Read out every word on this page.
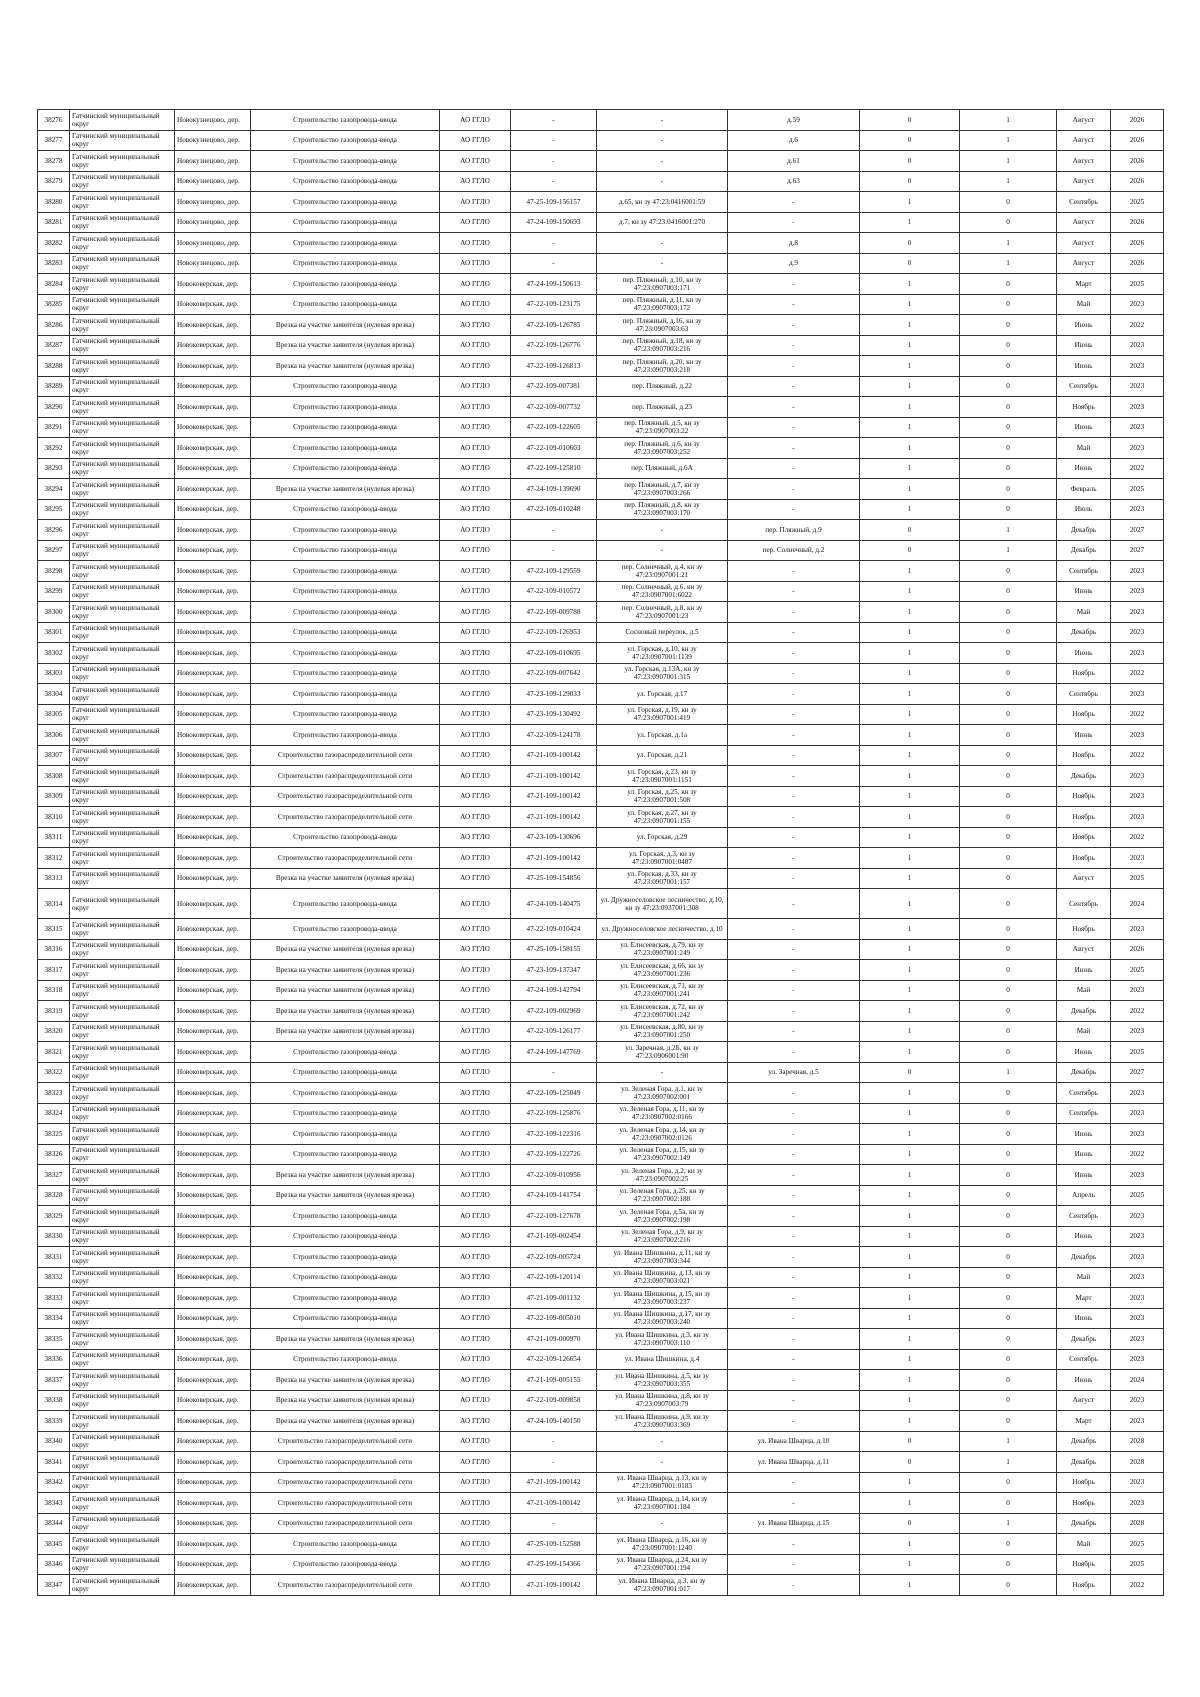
38276	Гатчинский муниципальный округ	Новокузнецово, дер.	Строительство газопровода-ввода	АО ГГЛО	-	-	д.59	0	1	Август	2026
38277	Гатчинский муниципальный округ	Новокузнецово, дер.	Строительство газопровода-ввода	АО ГГЛО	-	-	д.6	0	1	Август	2026
38278	Гатчинский муниципальный округ	Новокузнецово, дер.	Строительство газопровода-ввода	АО ГГЛО	-	-	д.61	0	1	Август	2026
38279	Гатчинский муниципальный округ	Новокузнецово, дер.	Строительство газопровода-ввода	АО ГГЛО	-	-	д.63	0	1	Август	2026
38280	Гатчинский муниципальный округ	Новокузнецово, дер.	Строительство газопровода-ввода	АО ГГЛО	47-25-109-156157	д.65, кн зу 47:23:0416001:59	-	1	0	Сентябрь	2025
38281	Гатчинский муниципальный округ	Новокузнецово, дер.	Строительство газопровода-ввода	АО ГГЛО	47-24-109-150693	д.7, кн зу 47:23:0416001:270	-	1	0	Август	2026
38282	Гатчинский муниципальный округ	Новокузнецово, дер.	Строительство газопровода-ввода	АО ГГЛО	-	-	д.8	0	1	Август	2026
38283	Гатчинский муниципальный округ	Новокузнецово, дер.	Строительство газопровода-ввода	АО ГГЛО	-	-	д.9	0	1	Август	2026
38284	Гатчинский муниципальный округ	Новоковерская, дер.	Строительство газопровода-ввода	АО ГГЛО	47-24-109-150613	пер. Пляжный, д.10, кн зу 47:23:0907003:171	-	1	0	Март	2025
38285	Гатчинский муниципальный округ	Новоковерская, дер.	Строительство газопровода-ввода	АО ГГЛО	47-22-109-123175	пер. Пляжный, д.11, кн зу 47:23:0907003:172	-	1	0	Май	2023
38286	Гатчинский муниципальный округ	Новоковерская, дер.	Врезка на участке заявителя (нулевая врезка)	АО ГГЛО	47-22-109-126785	пер. Пляжный, д.16, кн зу 47:23:0907003:63	-	1	0	Июнь	2022
38287	Гатчинский муниципальный округ	Новоковерская, дер.	Врезка на участке заявителя (нулевая врезка)	АО ГГЛО	47-22-109-126776	пер. Пляжный, д.18, кн зу 47:23:0907003:216	-	1	0	Июнь	2023
38288	Гатчинский муниципальный округ	Новоковерская, дер.	Врезка на участке заявителя (нулевая врезка)	АО ГГЛО	47-22-109-126813	пер. Пляжный, д.20, кн зу 47:23:0907003:218	-	1	0	Июнь	2023
38289	Гатчинский муниципальный округ	Новоковерская, дер.	Строительство газопровода-ввода	АО ГГЛО	47-22-109-007381	пер. Пляжный, д.22	-	1	0	Сентябрь	2023
38290	Гатчинский муниципальный округ	Новоковерская, дер.	Строительство газопровода-ввода	АО ГГЛО	47-22-109-007732	пер. Пляжный, д.23	-	1	0	Ноябрь	2023
38291	Гатчинский муниципальный округ	Новоковерская, дер.	Строительство газопровода-ввода	АО ГГЛО	47-22-109-122605	пер. Пляжный, д.5, кн зу 47:23:0907003:22	-	1	0	Июнь	2023
38292	Гатчинский муниципальный округ	Новоковерская, дер.	Строительство газопровода-ввода	АО ГГЛО	47-22-109-010603	пер. Пляжный, д.6, кн зу 47:23:0907003:252	-	1	0	Май	2023
38293	Гатчинский муниципальный округ	Новоковерская, дер.	Строительство газопровода-ввода	АО ГГЛО	47-22-109-125810	пер. Пляжный, д.6А	-	1	0	Июнь	2022
38294	Гатчинский муниципальный округ	Новоковерская, дер.	Врезка на участке заявителя (нулевая врезка)	АО ГГЛО	47-24-109-139690	пер. Пляжный, д.7, кн зу 47:23:0907003:266	-	1	0	Февраль	2025
38295	Гатчинский муниципальный округ	Новоковерская, дер.	Строительство газопровода-ввода	АО ГГЛО	47-22-109-010248	пер. Пляжный, д.8, кн зу 47:23:0907003:170	-	1	0	Июль	2023
38296	Гатчинский муниципальный округ	Новоковерская, дер.	Строительство газопровода-ввода	АО ГГЛО	-	-	пер. Пляжный, д.9	0	1	Декабрь	2027
38297	Гатчинский муниципальный округ	Новоковерская, дер.	Строительство газопровода-ввода	АО ГГЛО	-	-	пер. Солнечный, д.2	0	1	Декабрь	2027
38298	Гатчинский муниципальный округ	Новоковерская, дер.	Строительство газопровода-ввода	АО ГГЛО	47-22-109-129559	пер. Солнечный, д.4, кн зу 47:23:0907001:21	-	1	0	Сентябрь	2023
38299	Гатчинский муниципальный округ	Новоковерская, дер.	Строительство газопровода-ввода	АО ГГЛО	47-22-109-010572	пер. Солнечный, д.6, кн зу 47:23:0907001:6022	-	1	0	Июнь	2023
38300	Гатчинский муниципальный округ	Новоковерская, дер.	Строительство газопровода-ввода	АО ГГЛО	47-22-109-009788	пер. Солнечный, д.8, кн зу 47:23:0907001:23	-	1	0	Май	2023
38301	Гатчинский муниципальный округ	Новоковерская, дер.	Строительство газопровода-ввода	АО ГГЛО	47-22-109-126953	Сосновый переулок, д.5	-	1	0	Декабрь	2023
38302	Гатчинский муниципальный округ	Новоковерская, дер.	Строительство газопровода-ввода	АО ГГЛО	47-22-109-010695	ул. Горская, д.10, кн зу 47:23:0907001:1139	-	1	0	Июнь	2023
38303	Гатчинский муниципальный округ	Новоковерская, дер.	Строительство газопровода-ввода	АО ГГЛО	47-22-109-007642	ул. Горская, д.13А, кн зу 47:23:0907001:315	-	1	0	Ноябрь	2022
38304	Гатчинский муниципальный округ	Новоковерская, дер.	Строительство газопровода-ввода	АО ГГЛО	47-23-109-129033	ул. Горская, д.17	-	1	0	Сентябрь	2023
38305	Гатчинский муниципальный округ	Новоковерская, дер.	Строительство газопровода-ввода	АО ГГЛО	47-23-109-130492	ул. Горская, д.19, кн зу 47:23:0907001:419	-	1	0	Ноябрь	2022
38306	Гатчинский муниципальный округ	Новоковерская, дер.	Строительство газопровода-ввода	АО ГГЛО	47-22-109-124178	ул. Горская, д.1а	-	1	0	Июнь	2023
38307	Гатчинский муниципальный округ	Новоковерская, дер.	Строительство газораспределительной сети	АО ГГЛО	47-21-109-100142	ул. Горская, д.21	-	1	0	Ноябрь	2022
38308	Гатчинский муниципальный округ	Новоковерская, дер.	Строительство газораспределительной сети	АО ГГЛО	47-21-109-100142	ул. Горская, д.23, кн зу 47:23:0907001:1151	-	1	0	Декабрь	2023
38309	Гатчинский муниципальный округ	Новоковерская, дер.	Строительство газораспределительной сети	АО ГГЛО	47-21-109-100142	ул. Горская, д.25, кн зу 47:23:0907001:508	-	1	0	Ноябрь	2023
38310	Гатчинский муниципальный округ	Новоковерская, дер.	Строительство газораспределительной сети	АО ГГЛО	47-21-109-100142	ул. Горская, д.27, кн зу 47:23:0907001:155	-	1	0	Ноябрь	2023
38311	Гатчинский муниципальный округ	Новоковерская, дер.	Строительство газопровода-ввода	АО ГГЛО	47-23-109-130696	ул. Горская, д.29	-	1	0	Ноябрь	2022
38312	Гатчинский муниципальный округ	Новоковерская, дер.	Строительство газораспределительной сети	АО ГГЛО	47-21-109-100142	ул. Горская, д.3, кн зу 47:23:0907001:0487	-	1	0	Ноябрь	2023
38313	Гатчинский муниципальный округ	Новоковерская, дер.	Врезка на участке заявителя (нулевая врезка)	АО ГГЛО	47-25-109-154856	ул. Горская, д.33, кн зу 47:23:0907001:157	-	1	0	Август	2025
38314	Гатчинский муниципальный округ	Новоковерская, дер.	Строительство газопровода-ввода	АО ГГЛО	47-24-109-140475	ул. Дружноселовское лесничество, д.10, кн зу 47:23:0937001:308	-	1	0	Сентябрь	2024
38315	Гатчинский муниципальный округ	Новоковерская, дер.	Строительство газопровода-ввода	АО ГГЛО	47-22-109-010424	ул. Дружноселовское лесничество, д.10	-	1	0	Ноябрь	2023
38316	Гатчинский муниципальный округ	Новоковерская, дер.	Врезка на участке заявителя (нулевая врезка)	АО ГГЛО	47-25-109-158155	ул. Елисеевская, д.79, кн зу 47:23:0907001:249	-	1	0	Август	2026
38317	Гатчинский муниципальный округ	Новоковерская, дер.	Врезка на участке заявителя (нулевая врезка)	АО ГГЛО	47-23-109-137347	ул. Елисеевская, д.66, кн зу 47:23:0907001:236	-	1	0	Июнь	2025
38318	Гатчинский муниципальный округ	Новоковерская, дер.	Врезка на участке заявителя (нулевая врезка)	АО ГГЛО	47-24-109-142794	ул. Елисеевская, д.71, кн зу 47:23:0907001:241	-	1	0	Май	2023
38319	Гатчинский муниципальный округ	Новоковерская, дер.	Врезка на участке заявителя (нулевая врезка)	АО ГГЛО	47-22-109-002969	ул. Елисеевская, д.72, кн зу 47:23:0907001:242	-	1	0	Декабрь	2022
38320	Гатчинский муниципальный округ	Новоковерская, дер.	Врезка на участке заявителя (нулевая врезка)	АО ГГЛО	47-22-109-126177	ул. Елисеевская, д.80, кн зу 47:23:0907001:250	-	1	0	Май	2023
38321	Гатчинский муниципальный округ	Новоковерская, дер.	Строительство газопровода-ввода	АО ГГЛО	47-24-109-147769	ул. Заречная, д.2Б, кн зу 47:23:0906001:90	-	1	0	Июнь	2025
38322	Гатчинский муниципальный округ	Новоковерская, дер.	Строительство газопровода-ввода	АО ГГЛО	-	-	ул. Заречная, д.5	0	1	Декабрь	2027
38323	Гатчинский муниципальный округ	Новоковерская, дер.	Строительство газопровода-ввода	АО ГГЛО	47-22-109-125049	ул. Зеленая Гора, д.1, кн зу 47:23:0907002:001	-	1	0	Сентябрь	2023
38324	Гатчинский муниципальный округ	Новоковерская, дер.	Строительство газопровода-ввода	АО ГГЛО	47-22-109-125876	ул. Зеленая Гора, д.11, кн зу 47:23:0907002:0166	-	1	0	Сентябрь	2023
38325	Гатчинский муниципальный округ	Новоковерская, дер.	Строительство газопровода-ввода	АО ГГЛО	47-22-109-122316	ул. Зеленая Гора, д.14, кн зу 47:23:0907002:0126	-	1	0	Июнь	2023
38326	Гатчинский муниципальный округ	Новоковерская, дер.	Строительство газопровода-ввода	АО ГГЛО	47-22-109-122726	ул. Зеленая Гора, д.15, кн зу 47:23:0907002:149	-	1	0	Июнь	2022
38327	Гатчинский муниципальный округ	Новоковерская, дер.	Врезка на участке заявителя (нулевая врезка)	АО ГГЛО	47-22-109-010956	ул. Зеленая Гора, д.2, кн зу 47:23:0907002:25	-	1	0	Июнь	2023
38328	Гатчинский муниципальный округ	Новоковерская, дер.	Врезка на участке заявителя (нулевая врезка)	АО ГГЛО	47-24-109-141754	ул. Зеленая Гора, д.25, кн зу 47:23:0907002:188	-	1	0	Апрель	2025
38329	Гатчинский муниципальный округ	Новоковерская, дер.	Строительство газопровода-ввода	АО ГГЛО	47-22-109-127678	ул. Зеленая Гора, д.5а, кн зу 47:23:0907002:198	-	1	0	Сентябрь	2023
38330	Гатчинский муниципальный округ	Новоковерская, дер.	Строительство газопровода-ввода	АО ГГЛО	47-21-109-002454	ул. Зеленая Гора, д.9, кн зу 47:23:0907002:216	-	1	0	Июнь	2023
38331	Гатчинский муниципальный округ	Новоковерская, дер.	Строительство газопровода-ввода	АО ГГЛО	47-22-109-005724	ул. Ивана Шишкина, д.11, кн зу 47:23:0907003:344	-	1	0	Декабрь	2023
38332	Гатчинский муниципальный округ	Новоковерская, дер.	Строительство газопровода-ввода	АО ГГЛО	47-22-109-120114	ул. Ивана Шишкина, д.13, кн зу 47:23:0907003:021	-	1	0	Май	2023
38333	Гатчинский муниципальный округ	Новоковерская, дер.	Строительство газопровода-ввода	АО ГГЛО	47-21-109-001132	ул. Ивана Шишкина, д.15, кн зу 47:23:0907003:237	-	1	0	Март	2023
38334	Гатчинский муниципальный округ	Новоковерская, дер.	Строительство газопровода-ввода	АО ГГЛО	47-22-109-005010	ул. Ивана Шишкина, д.17, кн зу 47:23:0907003:240	-	1	0	Июнь	2023
38335	Гатчинский муниципальный округ	Новоковерская, дер.	Врезка на участке заявителя (нулевая врезка)	АО ГГЛО	47-21-109-000970	ул. Ивана Шишкина, д.3, кн зу 47:23:0907003:110	-	1	0	Декабрь	2023
38336	Гатчинский муниципальный округ	Новоковерская, дер.	Строительство газопровода-ввода	АО ГГЛО	47-22-109-126654	ул. Ивана Шишкина, д.4	-	1	0	Сентябрь	2023
38337	Гатчинский муниципальный округ	Новоковерская, дер.	Врезка на участке заявителя (нулевая врезка)	АО ГГЛО	47-21-109-005155	ул. Ивана Шишкина, д.5, кн зу 47:23:0907003:355	-	1	0	Июнь	2024
38338	Гатчинский муниципальный округ	Новоковерская, дер.	Врезка на участке заявителя (нулевая врезка)	АО ГГЛО	47-22-109-009858	ул. Ивана Шишкина, д.8, кн зу 47:23:0907003:79	-	1	0	Август	2023
38339	Гатчинский муниципальный округ	Новоковерская, дер.	Врезка на участке заявителя (нулевая врезка)	АО ГГЛО	47-24-109-140150	ул. Ивана Шишкина, д.9, кн зу 47:23:0907003:369	-	1	0	Март	2023
38340	Гатчинский муниципальный округ	Новоковерская, дер.	Строительство газораспределительной сети	АО ГГЛО	-	-	ул. Ивана Шварца, д.10	0	1	Декабрь	2028
38341	Гатчинский муниципальный округ	Новоковерская, дер.	Строительство газораспределительной сети	АО ГГЛО	-	-	ул. Ивана Шварца, д.11	0	1	Декабрь	2028
38342	Гатчинский муниципальный округ	Новоковерская, дер.	Строительство газораспределительной сети	АО ГГЛО	47-21-109-100142	ул. Ивана Шварца, д.13, кн зу 47:23:0907001:0183	-	1	0	Ноябрь	2023
38343	Гатчинский муниципальный округ	Новоковерская, дер.	Строительство газораспределительной сети	АО ГГЛО	47-21-109-100142	ул. Ивана Шварца, д.14, кн зу 47:23:0907001:184	-	1	0	Ноябрь	2023
38344	Гатчинский муниципальный округ	Новоковерская, дер.	Строительство газораспределительной сети	АО ГГЛО	-	-	ул. Ивана Шварца, д.15	0	1	Декабрь	2028
38345	Гатчинский муниципальный округ	Новоковерская, дер.	Строительство газопровода-ввода	АО ГГЛО	47-25-109-152588	ул. Ивана Шварца, д.16, кн зу 47:23:0907001:1240	-	1	0	Май	2025
38346	Гатчинский муниципальный округ	Новоковерская, дер.	Строительство газопровода-ввода	АО ГГЛО	47-25-109-154366	ул. Ивана Шварца, д.24, кн зу 47:23:0907001:194	-	1	0	Ноябрь	2025
38347	Гатчинский муниципальный округ	Новоковерская, дер.	Строительство газораспределительной сети	АО ГГЛО	47-21-109-100142	ул. Ивана Шварца, д.3, кн зу 47:23:0907001:017	-	1	0	Ноябрь	2022
